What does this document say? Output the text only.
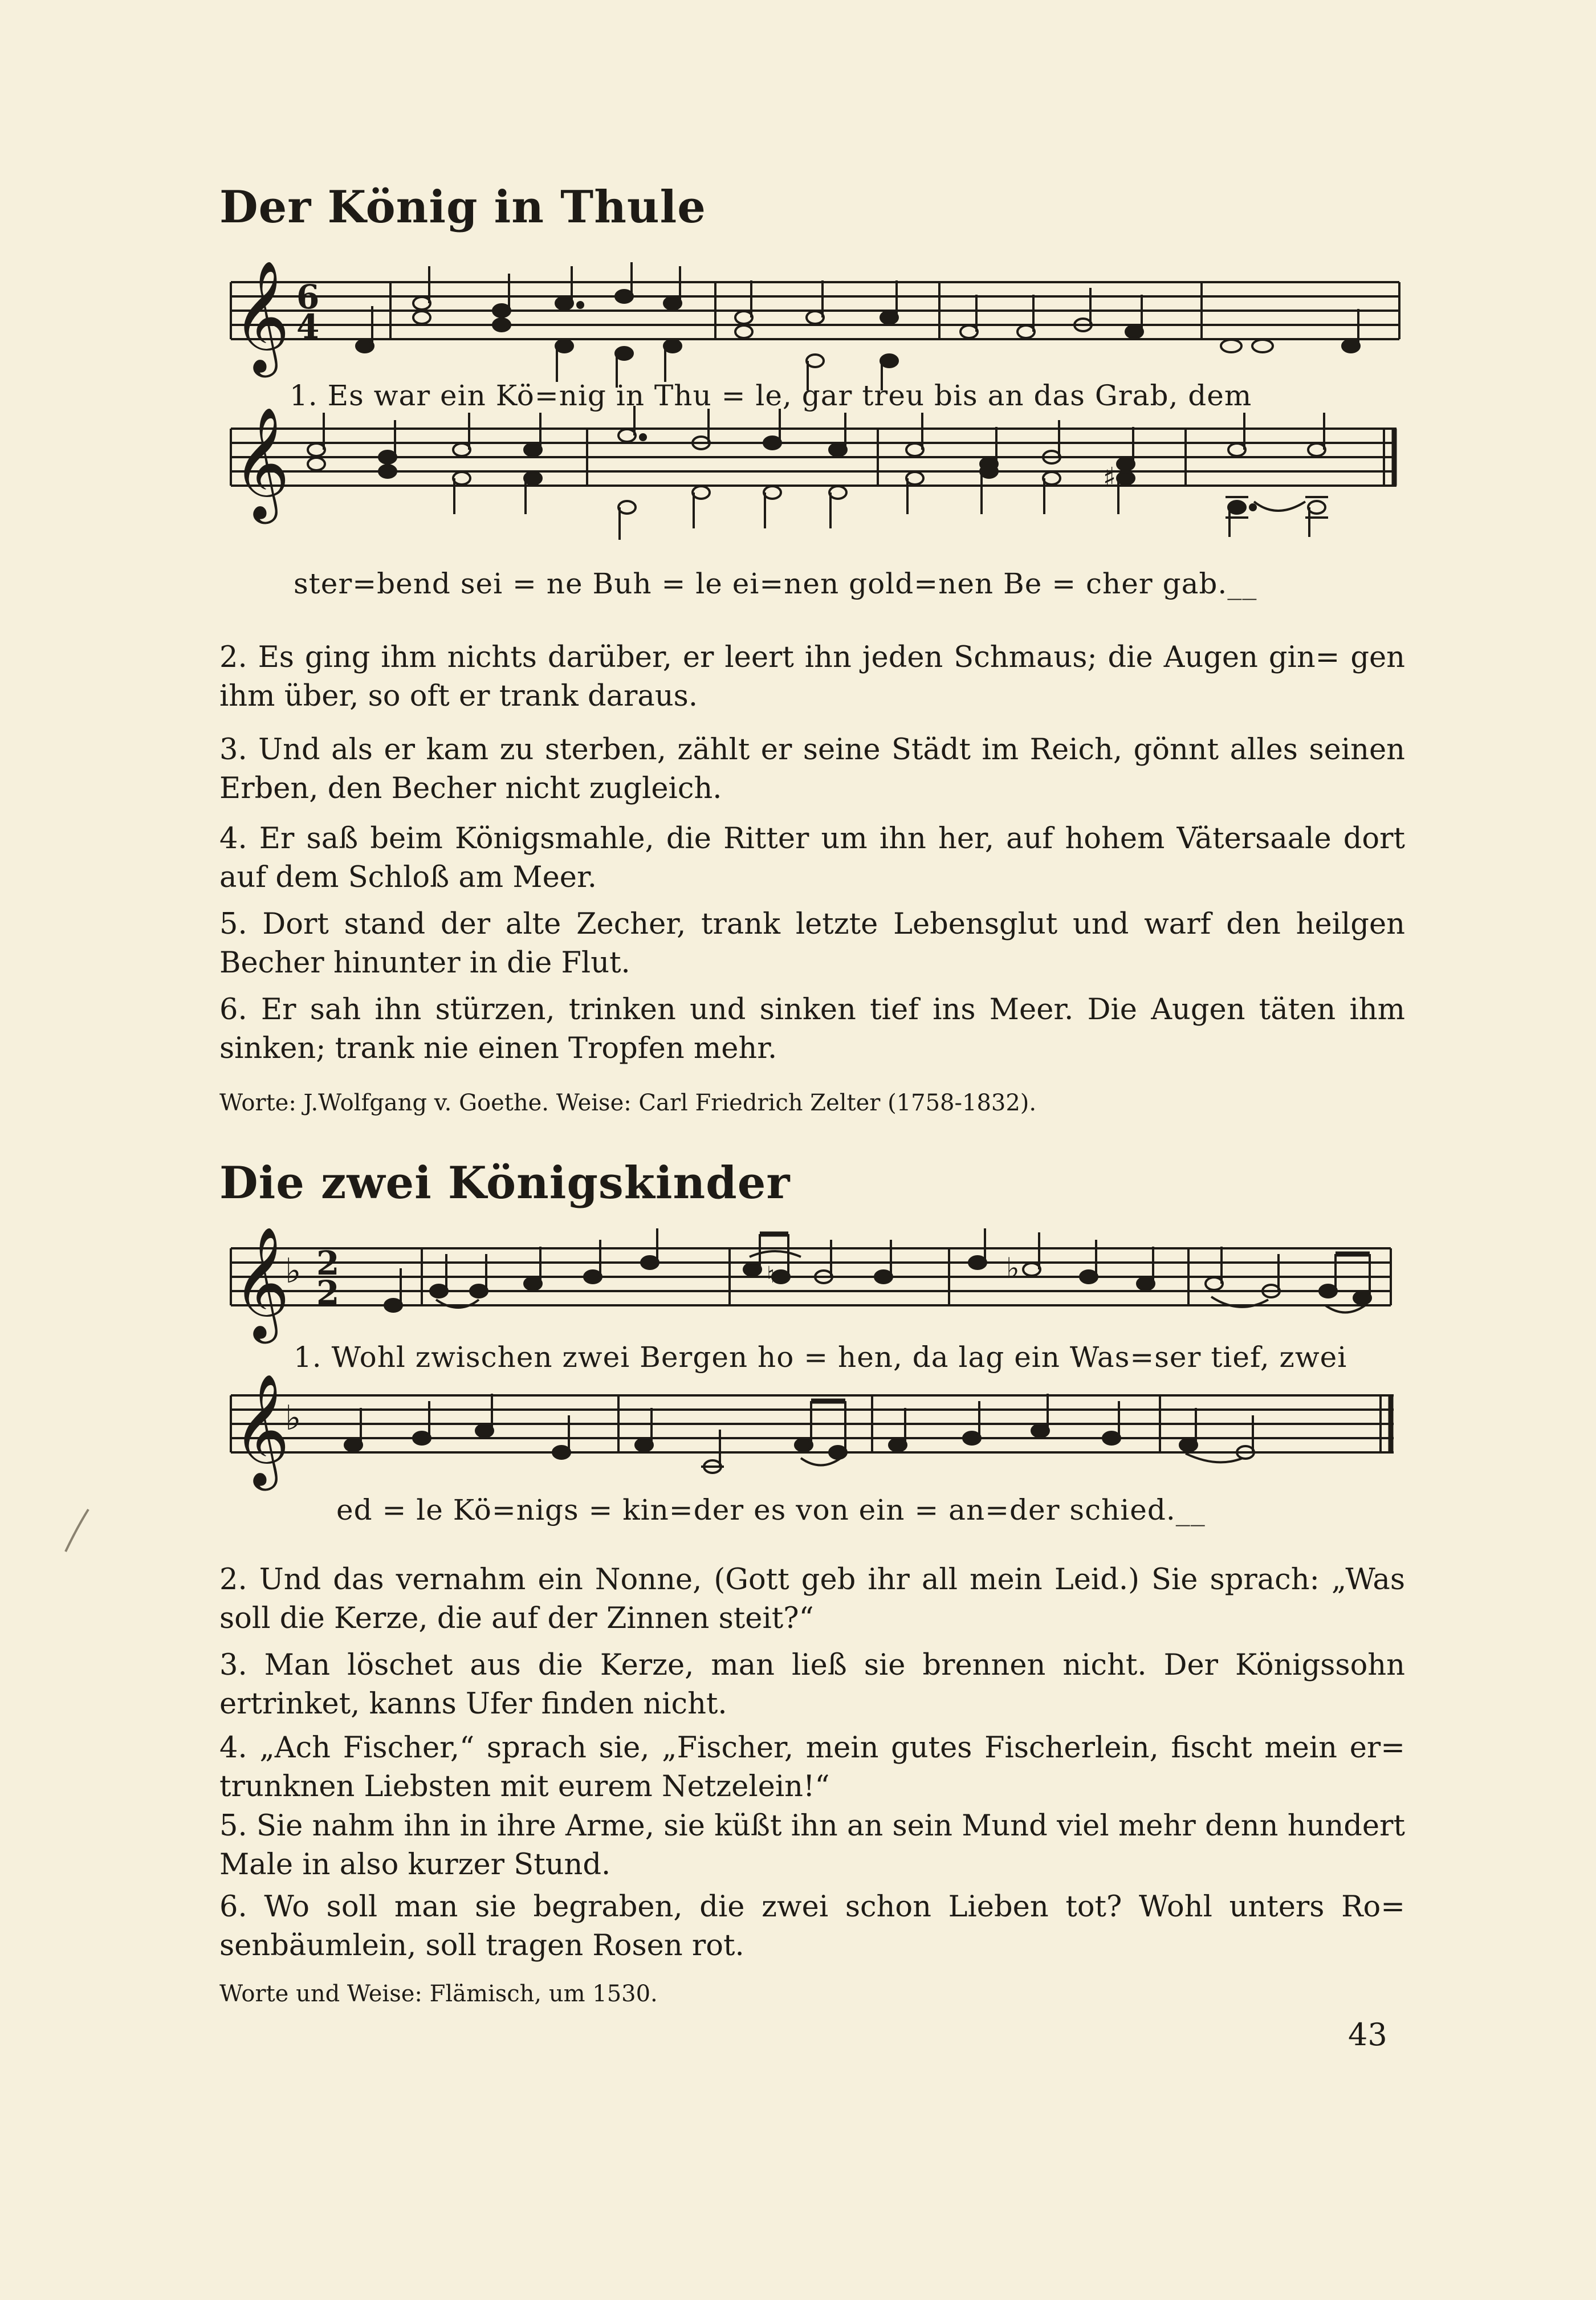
Der König in Thule
𝄞 6
4
1. Es war ein Kö=nig in Thu = le, gar treu bis an das Grab, dem
𝄞	♯
ster=bend sei = ne Buh = le ei=nen gold=nen Be = cher gab.__
2. Es ging ihm nichts darüber, er leert ihn jeden Schmaus; die Augen gin= gen ihm über, so oft er trank daraus.
3. Und als er kam zu sterben, zählt er seine Städt im Reich, gönnt alles seinen Erben, den Becher nicht zugleich.
4. Er saß beim Königsmahle, die Ritter um ihn her, auf hohem Vätersaale dort auf dem Schloß am Meer.
5. Dort stand der alte Zecher, trank letzte Lebensglut und warf den heilgen Becher hinunter in die Flut.
6. Er sah ihn stürzen, trinken und sinken tief ins Meer. Die Augen täten ihm sinken; trank nie einen Tropfen mehr.
Worte: J.Wolfgang v. Goethe. Weise: Carl Friedrich Zelter (1758-1832).
Die zwei Königskinder
𝄞
♭ 2
2	♮	♭
1. Wohl zwischen zwei Bergen ho = hen, da lag ein Was=ser tief, zwei
𝄞
♭
ed = le Kö=nigs = kin=der es von ein = an=der schied.__
2. Und das vernahm ein Nonne, (Gott geb ihr all mein Leid.) Sie sprach: „Was soll die Kerze, die auf der Zinnen steit?“
3. Man löschet aus die Kerze, man ließ sie brennen nicht. Der Königssohn ertrinket, kanns Ufer finden nicht.
4. „Ach Fischer,“ sprach sie, „Fischer, mein gutes Fischerlein, fischt mein er= trunknen Liebsten mit eurem Netzelein!“
5. Sie nahm ihn in ihre Arme, sie küßt ihn an sein Mund viel mehr denn hundert Male in also kurzer Stund.
6. Wo soll man sie begraben, die zwei schon Lieben tot? Wohl unters Ro= senbäumlein, soll tragen Rosen rot.
Worte und Weise: Flämisch, um 1530.
43
